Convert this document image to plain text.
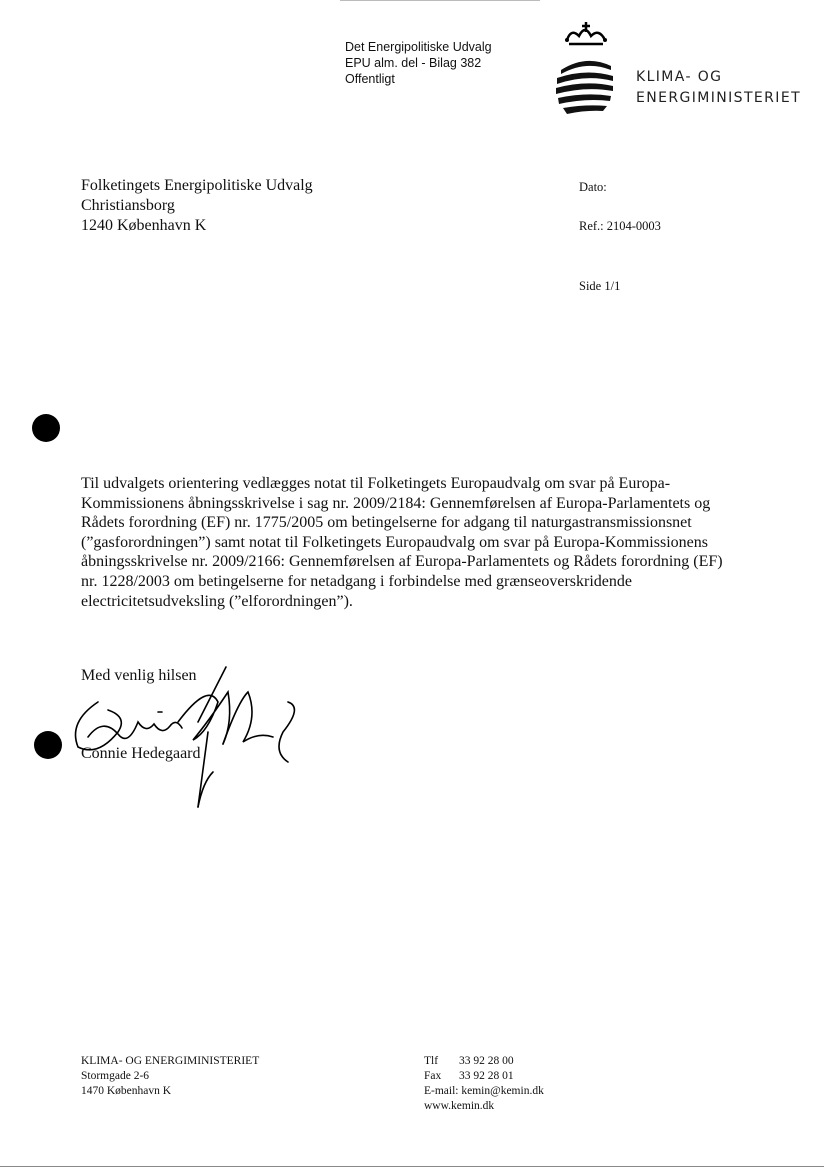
Det Energipolitiske Udvalg
EPU alm. del - Bilag 382
Offentligt	KLIMA- OG
ENERGIMINISTERIET
Folketingets Energipolitiske Udvalg
Christiansborg
1240 København K
Dato:
Ref.: 2104-0003
Side 1/1
Til udvalgets orientering vedlægges notat til Folketingets Europaudvalg om svar på Europa-
Kommissionens åbningsskrivelse i sag nr. 2009/2184: Gennemførelsen af Europa-Parlamentets og
Rådets forordning (EF) nr. 1775/2005 om betingelserne for adgang til naturgastransmissionsnet
(”gasforordningen”) samt notat til Folketingets Europaudvalg om svar på Europa-Kommissionens
åbningsskrivelse nr. 2009/2166: Gennemførelsen af Europa-Parlamentets og Rådets forordning (EF)
nr. 1228/2003 om betingelserne for netadgang i forbindelse med grænseoverskridende
electricitetsudveksling (”elforordningen”).
Med venlig hilsen
Connie Hedegaard
KLIMA- OG ENERGIMINISTERIET
Stormgade 2-6
1470 København K
Tlf	33 92 28 00
Fax	33 92 28 01
E-mail: kemin@kemin.dk
www.kemin.dk
